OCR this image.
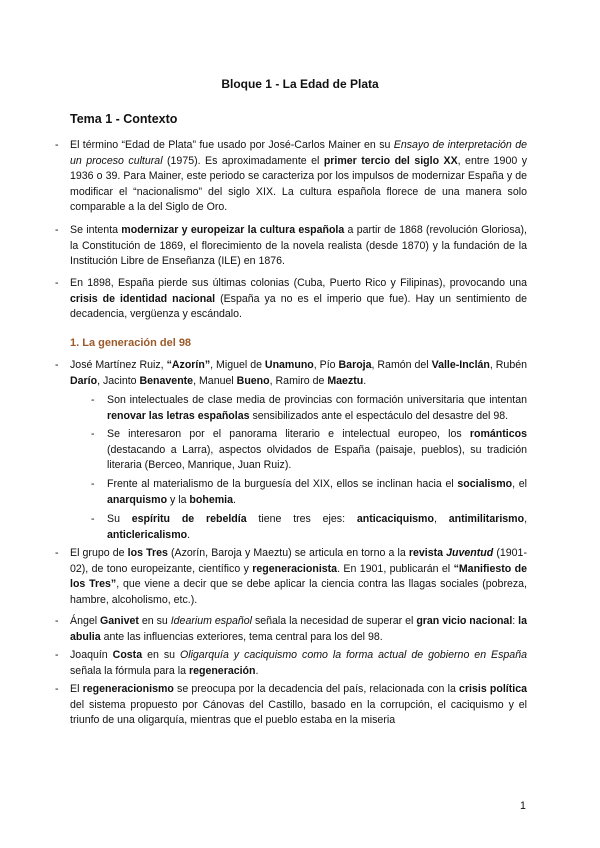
Bloque 1 - La Edad de Plata
Tema 1 - Contexto
- El término “Edad de Plata” fue usado por José-Carlos Mainer en su Ensayo de interpretación de un proceso cultural (1975). Es aproximadamente el primer tercio del siglo XX, entre 1900 y 1936 o 39. Para Mainer, este periodo se caracteriza por los impulsos de modernizar España y de modificar el “nacionalismo” del siglo XIX. La cultura española florece de una manera solo comparable a la del Siglo de Oro.
- Se intenta modernizar y europeizar la cultura española a partir de 1868 (revolución Gloriosa), la Constitución de 1869, el florecimiento de la novela realista (desde 1870) y la fundación de la Institución Libre de Enseñanza (ILE) en 1876.
- En 1898, España pierde sus últimas colonias (Cuba, Puerto Rico y Filipinas), provocando una crisis de identidad nacional (España ya no es el imperio que fue). Hay un sentimiento de decadencia, vergüenza y escándalo.
1. La generación del 98
- José Martínez Ruiz, “Azorín”, Miguel de Unamuno, Pío Baroja, Ramón del Valle-Inclán, Rubén Darío, Jacinto Benavente, Manuel Bueno, Ramiro de Maeztu.
- Son intelectuales de clase media de provincias con formación universitaria que intentan renovar las letras españolas sensibilizados ante el espectáculo del desastre del 98.
- Se interesaron por el panorama literario e intelectual europeo, los románticos (destacando a Larra), aspectos olvidados de España (paisaje, pueblos), su tradición literaria (Berceo, Manrique, Juan Ruiz).
- Frente al materialismo de la burguesía del XIX, ellos se inclinan hacia el socialismo, el anarquismo y la bohemia.
- Su espíritu de rebeldía tiene tres ejes: anticaciquismo, antimilitarismo, anticlericalismo.
- El grupo de los Tres (Azorín, Baroja y Maeztu) se articula en torno a la revista Juventud (1901-02), de tono europeizante, científico y regeneracionista. En 1901, publicarán el “Manifiesto de los Tres”, que viene a decir que se debe aplicar la ciencia contra las llagas sociales (pobreza, hambre, alcoholismo, etc.).
- Ángel Ganivet en su Idearium español señala la necesidad de superar el gran vicio nacional: la abulia ante las influencias exteriores, tema central para los del 98.
- Joaquín Costa en su Oligarquía y caciquismo como la forma actual de gobierno en España señala la fórmula para la regeneración.
- El regeneracionismo se preocupa por la decadencia del país, relacionada con la crisis política del sistema propuesto por Cánovas del Castillo, basado en la corrupción, el caciquismo y el triunfo de una oligarquía, mientras que el pueblo estaba en la miseria
1
